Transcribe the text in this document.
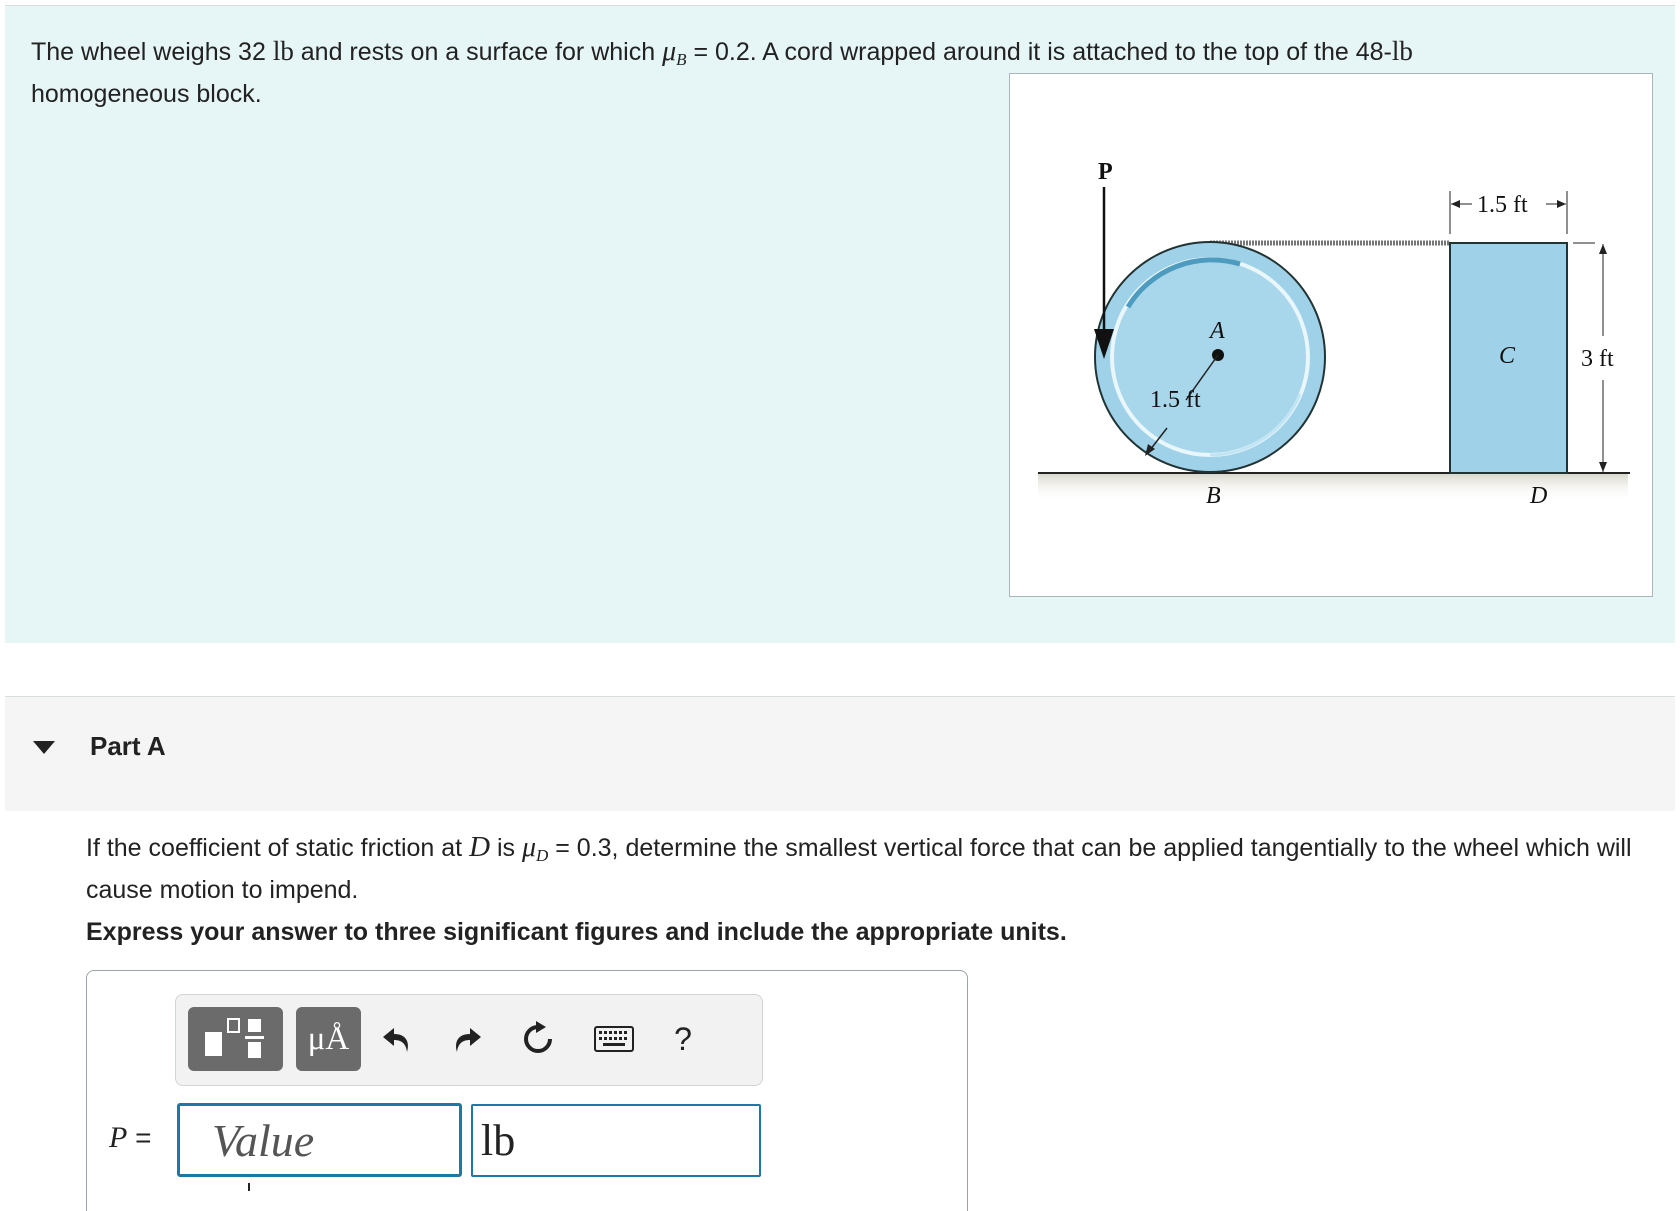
The wheel weighs 32 lb and rests on a surface for which $\mu_B = 0.2$. A cord wrapped around it is attached to the top of the 48-lb
homogeneous block.
P
A
1.5 ft
B
C
D
1.5 ft
3 ft
Part A
If the coefficient of static friction at D is $\mu_D = 0.3$, determine the smallest vertical force that can be applied tangentially to the wheel which will cause motion to impend.
Express your answer to three significant figures and include the appropriate units.
μÅ	?
P =
Value
lb
